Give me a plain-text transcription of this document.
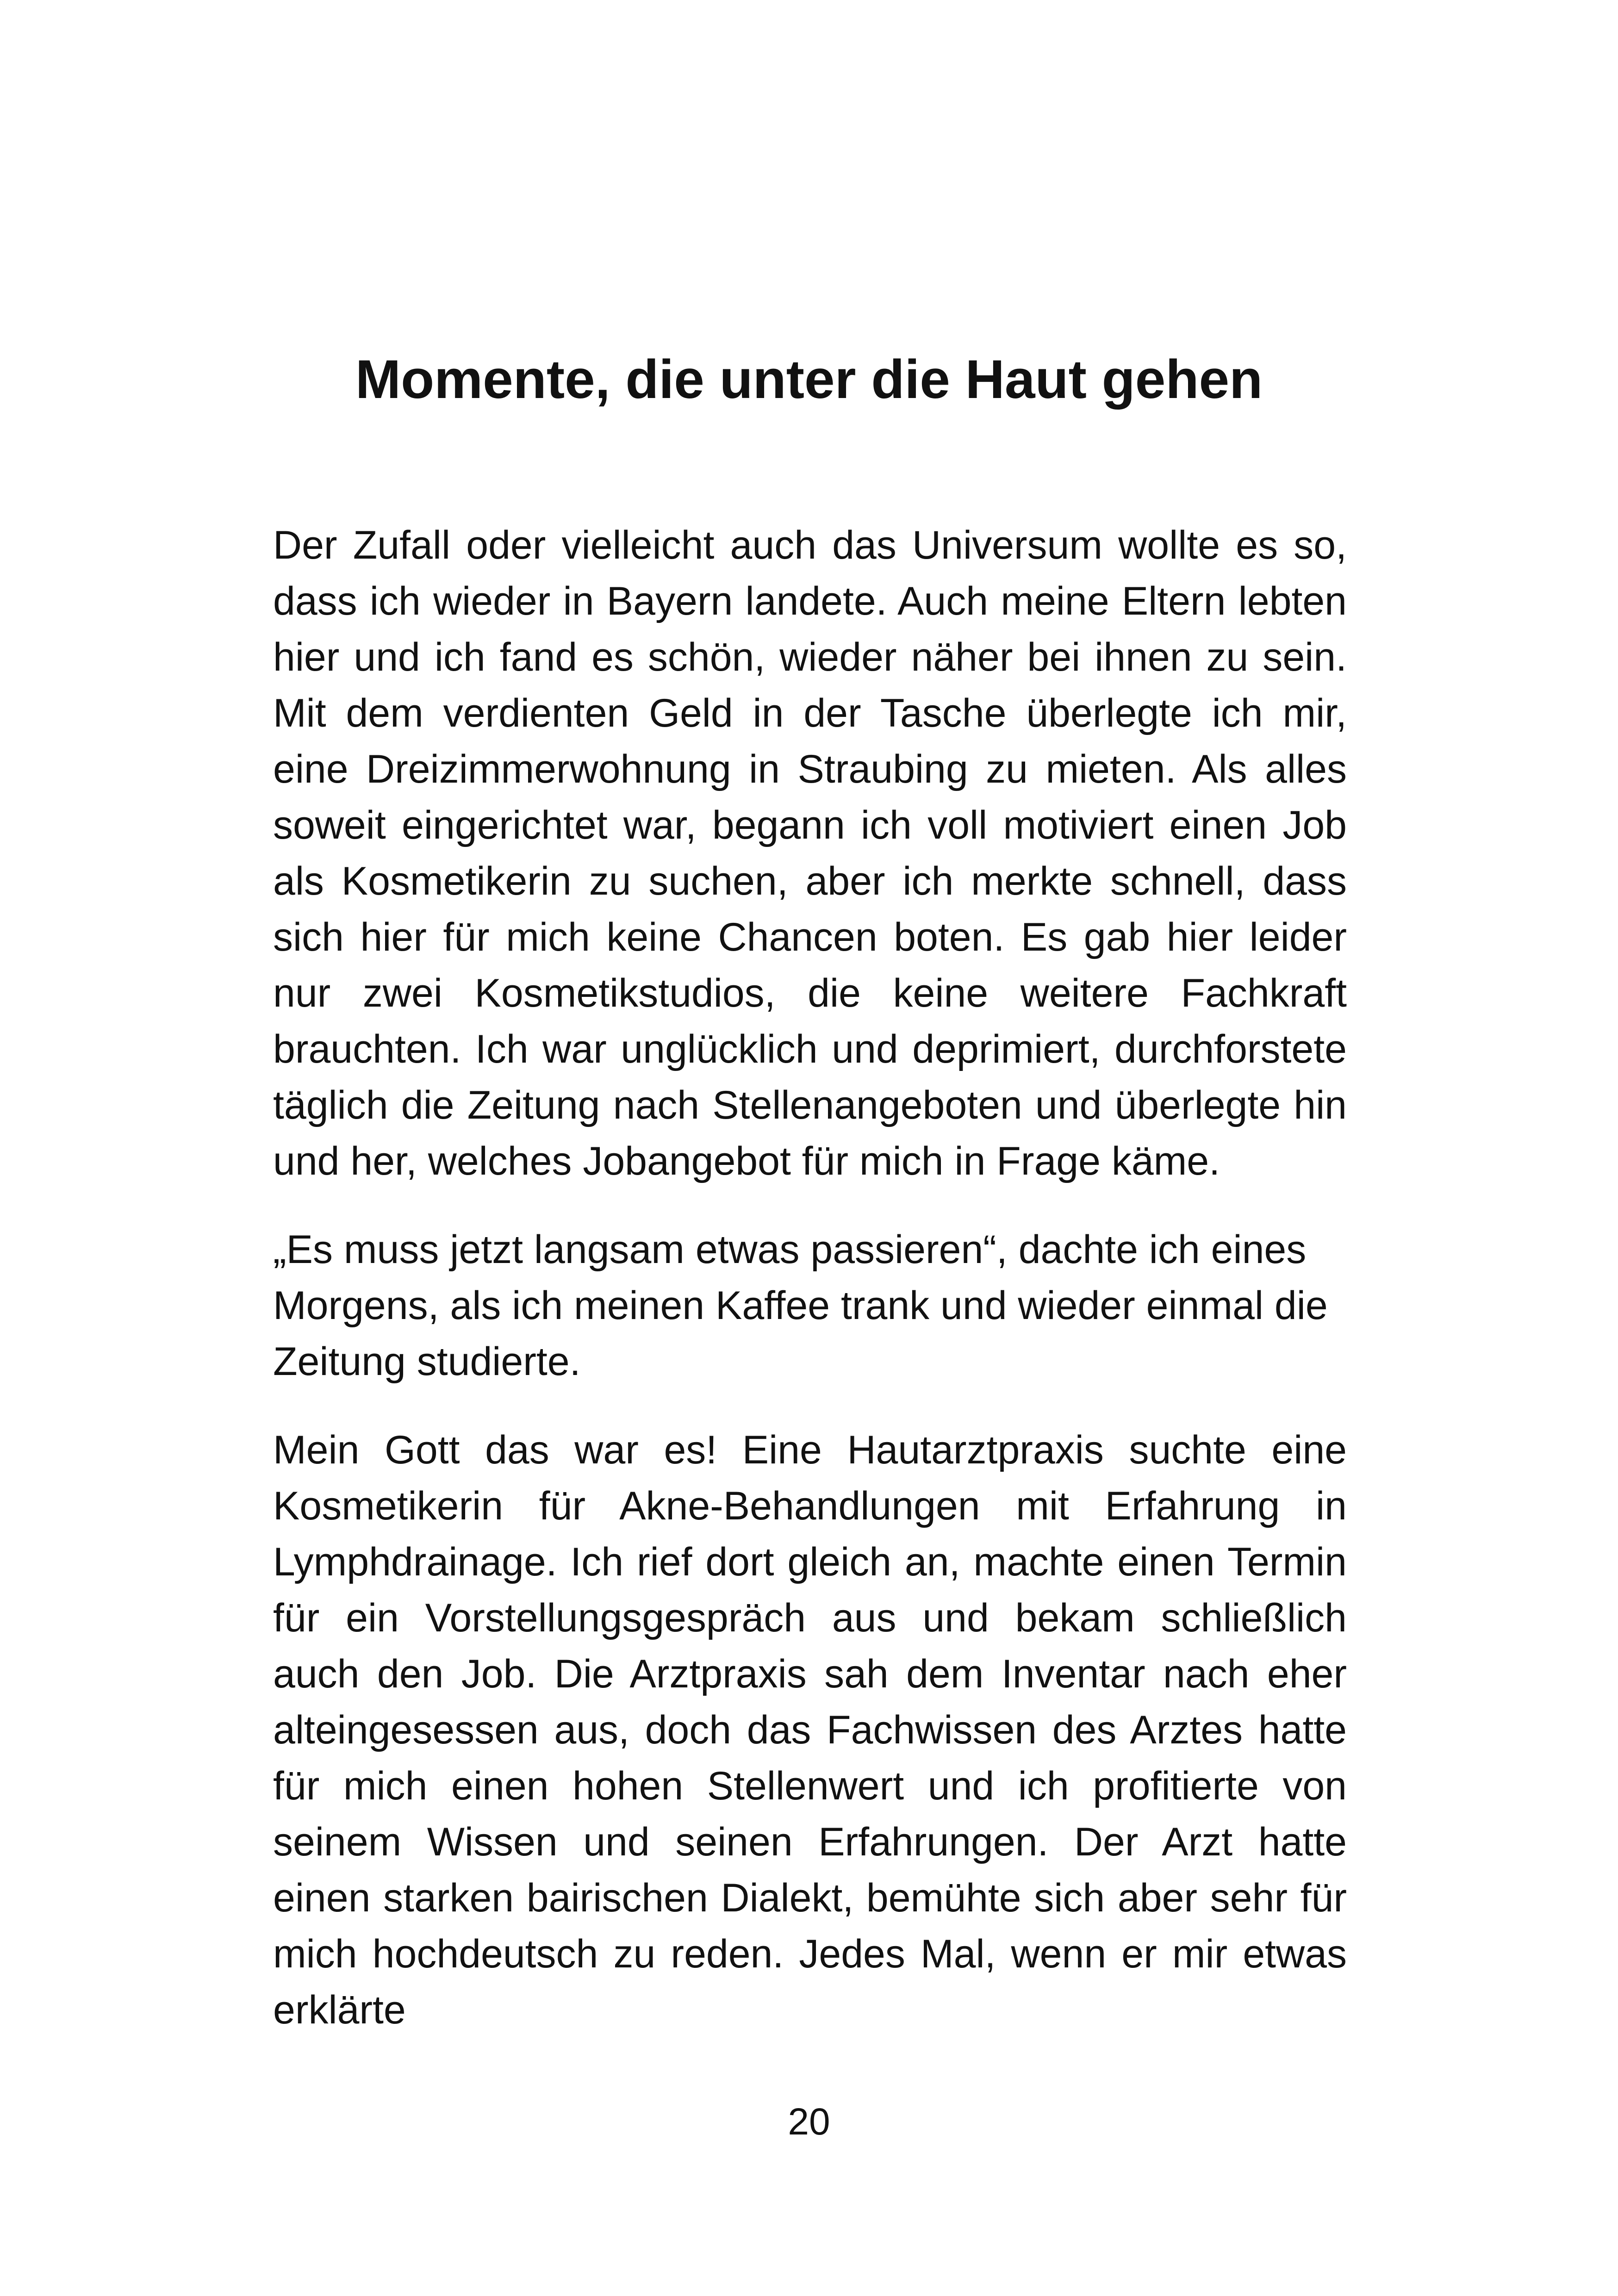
Momente, die unter die Haut gehen

Der Zufall oder vielleicht auch das Universum wollte es so, dass ich wieder in Bayern landete. Auch meine Eltern lebten hier und ich fand es schön, wieder näher bei ihnen zu sein. Mit dem verdienten Geld in der Tasche überlegte ich mir, eine Dreizimmerwohnung in Straubing zu mieten. Als alles soweit eingerichtet war, begann ich voll motiviert einen Job als Kosmetikerin zu suchen, aber ich merkte schnell, dass sich hier für mich keine Chancen boten. Es gab hier leider nur zwei Kosmetikstudios, die keine weitere Fachkraft brauchten. Ich war unglücklich und deprimiert, durchforstete täglich die Zeitung nach Stellenangeboten und überlegte hin und her, welches Jobangebot für mich in Frage käme.

„Es muss jetzt langsam etwas passieren“, dachte ich eines Morgens, als ich meinen Kaffee trank und wieder einmal die Zeitung studierte.

Mein Gott das war es! Eine Hautarztpraxis suchte eine Kosmetikerin für Akne-Behandlungen mit Erfahrung in Lymphdrainage. Ich rief dort gleich an, machte einen Termin für ein Vorstellungsgespräch aus und bekam schließlich auch den Job. Die Arztpraxis sah dem Inventar nach eher alteingesessen aus, doch das Fachwissen des Arztes hatte für mich einen hohen Stellenwert und ich profitierte von seinem Wissen und seinen Erfahrungen. Der Arzt hatte einen starken bairischen Dialekt, bemühte sich aber sehr für mich hochdeutsch zu reden. Jedes Mal, wenn er mir etwas erklärte

20
